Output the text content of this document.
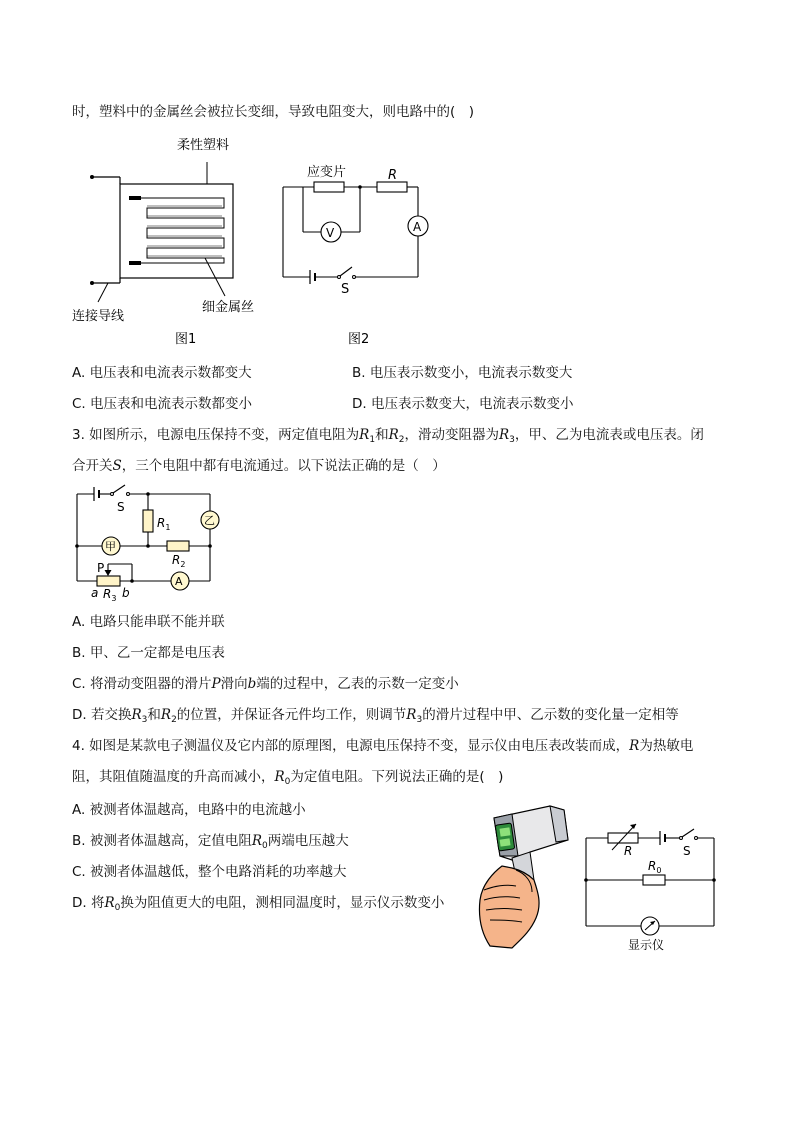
时，塑料中的金属丝会被拉长变细，导致电阻变大，则电路中的(　)
柔性塑料
细金属丝
连接导线
图1
应变片	R
V	A
S
图2
A. 电压表和电流表示数都变大	B. 电压表示数变小，电流表示数变大
C. 电压表和电流表示数都变小	D. 电压表示数变大，电流表示数变小
3. 如图所示，电源电压保持不变，两定值电阻为$R_1$和$R_2$，滑动变阻器为$R_3$，甲、乙为电流表或电压表。闭
合开关S，三个电阻中都有电流通过。以下说法正确的是（　）
S
$R_1$
$R_2$
甲
乙
A
P
a $R_3$ b
A. 电路只能串联不能并联
B. 甲、乙一定都是电压表
C. 将滑动变阻器的滑片P滑向b端的过程中，乙表的示数一定变小
D. 若交换$R_3$和$R_2$的位置，并保证各元件均工作，则调节$R_3$的滑片过程中甲、乙示数的变化量一定相等
4. 如图是某款电子测温仪及它内部的原理图，电源电压保持不变，显示仪由电压表改装而成，R为热敏电
阻，其阻值随温度的升高而减小，$R_0$为定值电阻。下列说法正确的是(　)
A. 被测者体温越高，电路中的电流越小
B. 被测者体温越高，定值电阻$R_0$两端电压越大
C. 被测者体温越低，整个电路消耗的功率越大
D. 将$R_0$换为阻值更大的电阻，测相同温度时，显示仪示数变小
R	S
$R_0$
显示仪
